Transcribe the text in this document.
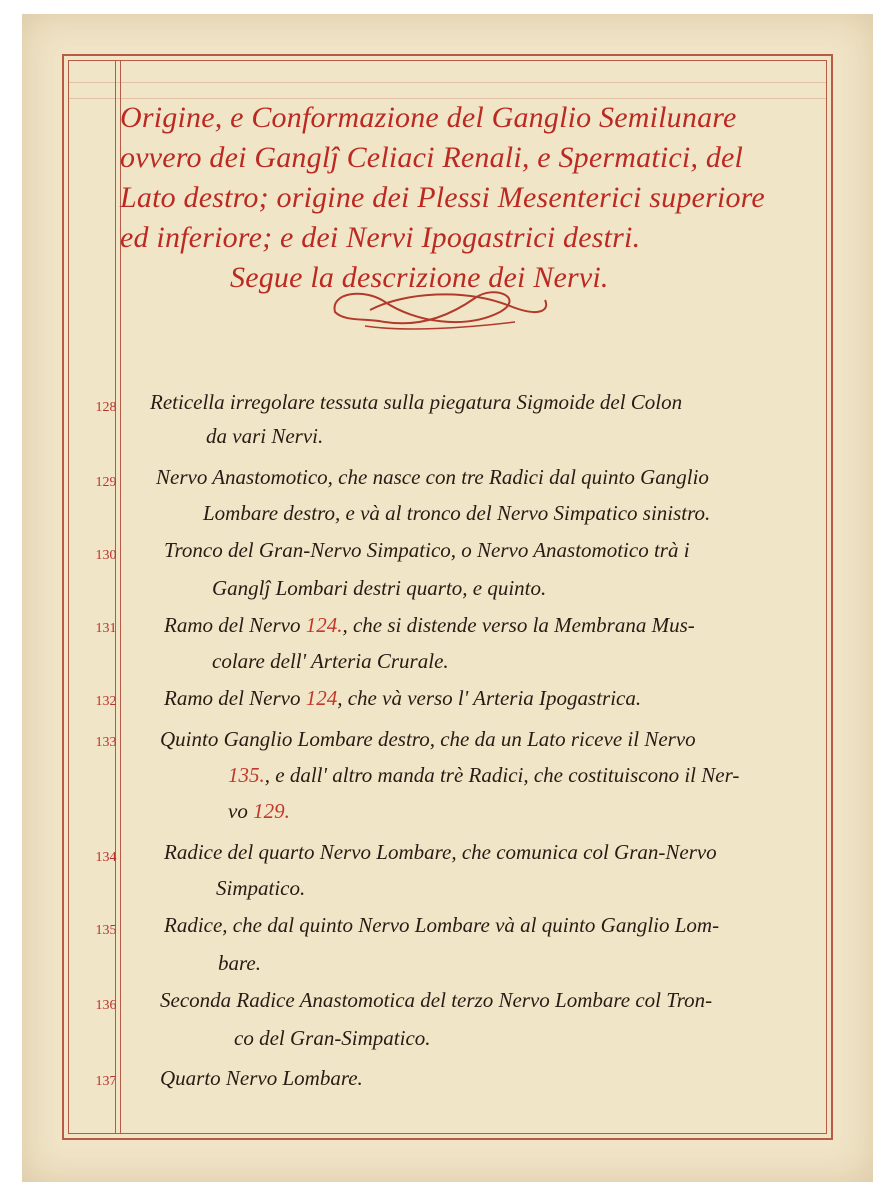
Origine, e Conformazione del Ganglio Semilunare
ovvero dei Ganglĵ Celiaci Renali, e Spermatici, del
Lato destro; origine dei Plessi Mesenterici superiore
ed inferiore; e dei Nervi Ipogastrici destri.
Segue la descrizione dei Nervi.
128	Reticella irregolare tessuta sulla piegatura Sigmoide del Colon
da vari Nervi.
129	Nervo Anastomotico, che nasce con tre Radici dal quinto Ganglio
Lombare destro, e và al tronco del Nervo Simpatico sinistro.
130	Tronco del Gran-Nervo Simpatico, o Nervo Anastomotico trà i
Ganglĵ Lombari destri quarto, e quinto.
131	Ramo del Nervo 124., che si distende verso la Membrana Mus-
colare dell' Arteria Crurale.
132	Ramo del Nervo 124, che và verso l' Arteria Ipogastrica.
133	Quinto Ganglio Lombare destro, che da un Lato riceve il Nervo
135., e dall' altro manda trè Radici, che costituiscono il Ner-
vo 129.
134	Radice del quarto Nervo Lombare, che comunica col Gran-Nervo
Simpatico.
135	Radice, che dal quinto Nervo Lombare và al quinto Ganglio Lom-
bare.
136	Seconda Radice Anastomotica del terzo Nervo Lombare col Tron-
co del Gran-Simpatico.
137	Quarto Nervo Lombare.
